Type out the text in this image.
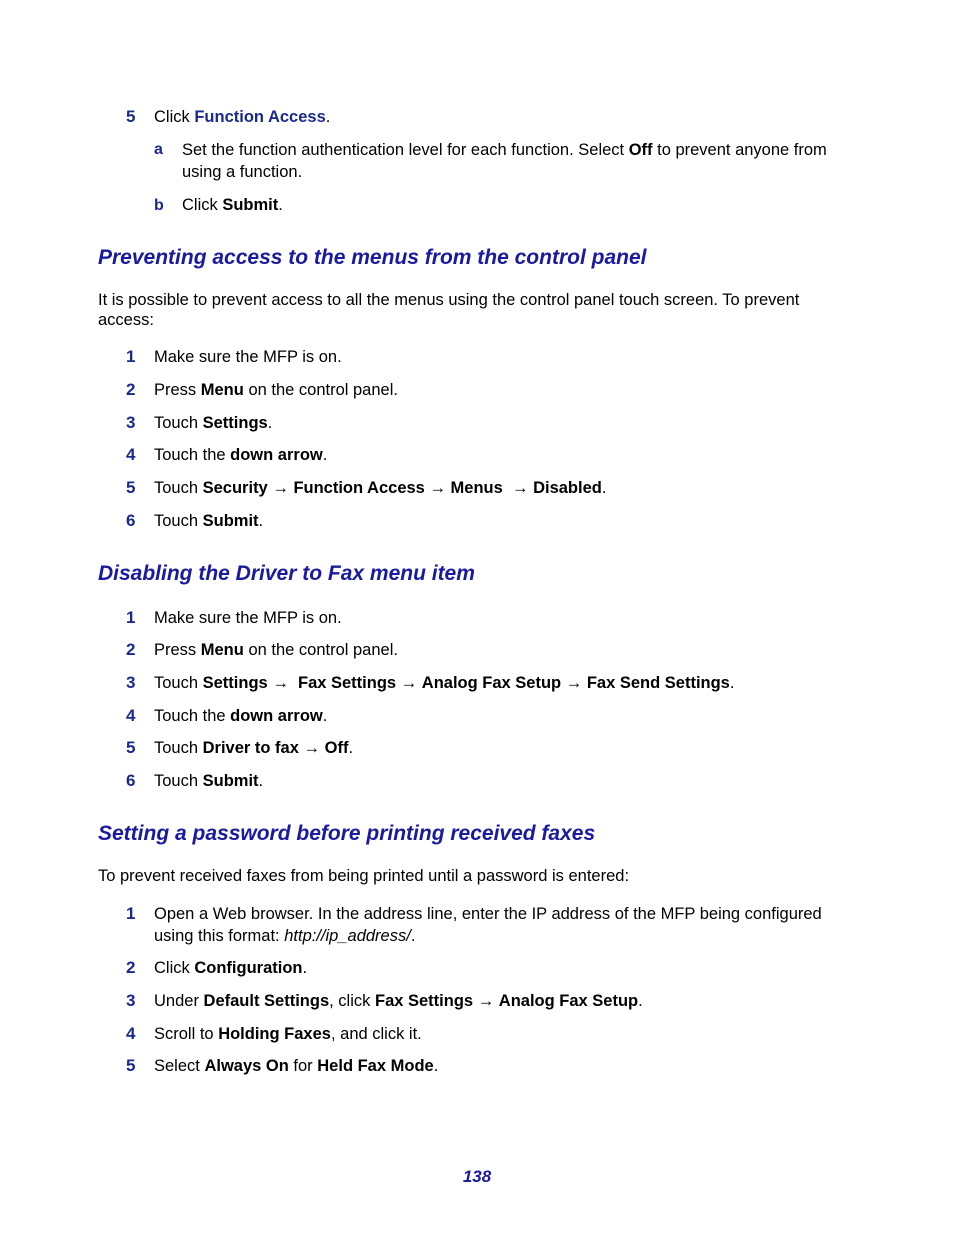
5 Click Function Access.
a Set the function authentication level for each function. Select Off to prevent anyone from using a function.
b Click Submit.
Preventing access to the menus from the control panel
It is possible to prevent access to all the menus using the control panel touch screen. To prevent access:
1 Make sure the MFP is on.
2 Press Menu on the control panel.
3 Touch Settings.
4 Touch the down arrow.
5 Touch Security → Function Access → Menus → Disabled.
6 Touch Submit.
Disabling the Driver to Fax menu item
1 Make sure the MFP is on.
2 Press Menu on the control panel.
3 Touch Settings → Fax Settings → Analog Fax Setup → Fax Send Settings.
4 Touch the down arrow.
5 Touch Driver to fax → Off.
6 Touch Submit.
Setting a password before printing received faxes
To prevent received faxes from being printed until a password is entered:
1 Open a Web browser. In the address line, enter the IP address of the MFP being configured using this format: http://ip_address/.
2 Click Configuration.
3 Under Default Settings, click Fax Settings → Analog Fax Setup.
4 Scroll to Holding Faxes, and click it.
5 Select Always On for Held Fax Mode.
138
